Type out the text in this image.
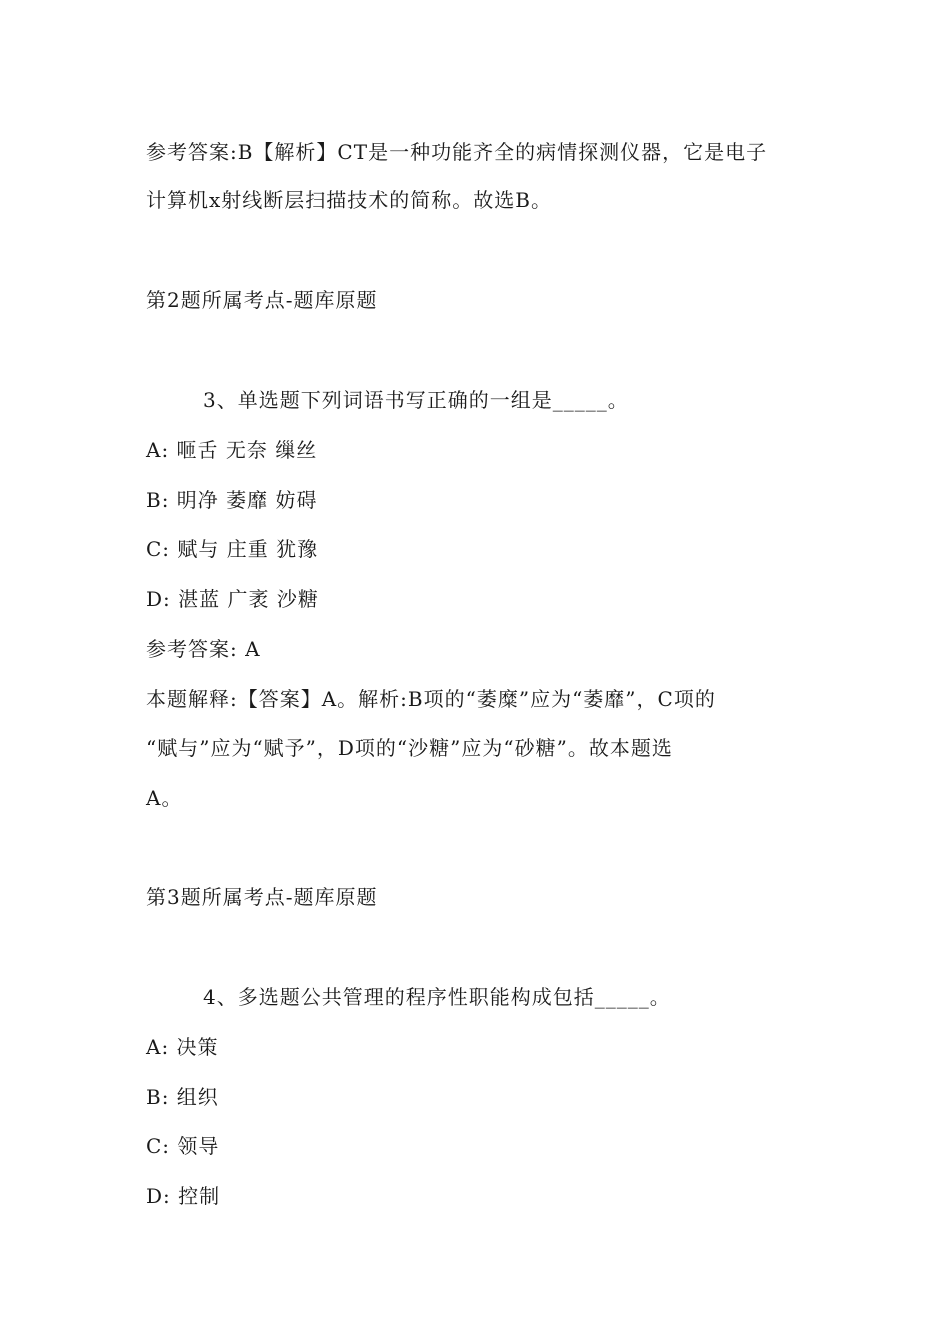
参考答案:B【解析】CT是一种功能齐全的病情探测仪器，它是电子
计算机x射线断层扫描技术的简称。故选B。
第2题所属考点-题库原题
3、单选题下列词语书写正确的一组是_____。
A: 咂舌 无奈 缫丝
B: 明净 萎靡 妨碍
C: 赋与 庄重 犹豫
D: 湛蓝 广袤 沙糖
参考答案: A
本题解释:【答案】A。解析:B项的“萎糜”应为“萎靡”，C项的
“赋与”应为“赋予”，D项的“沙糖”应为“砂糖”。故本题选
A。
第3题所属考点-题库原题
4、多选题公共管理的程序性职能构成包括_____。
A: 决策
B: 组织
C: 领导
D: 控制
